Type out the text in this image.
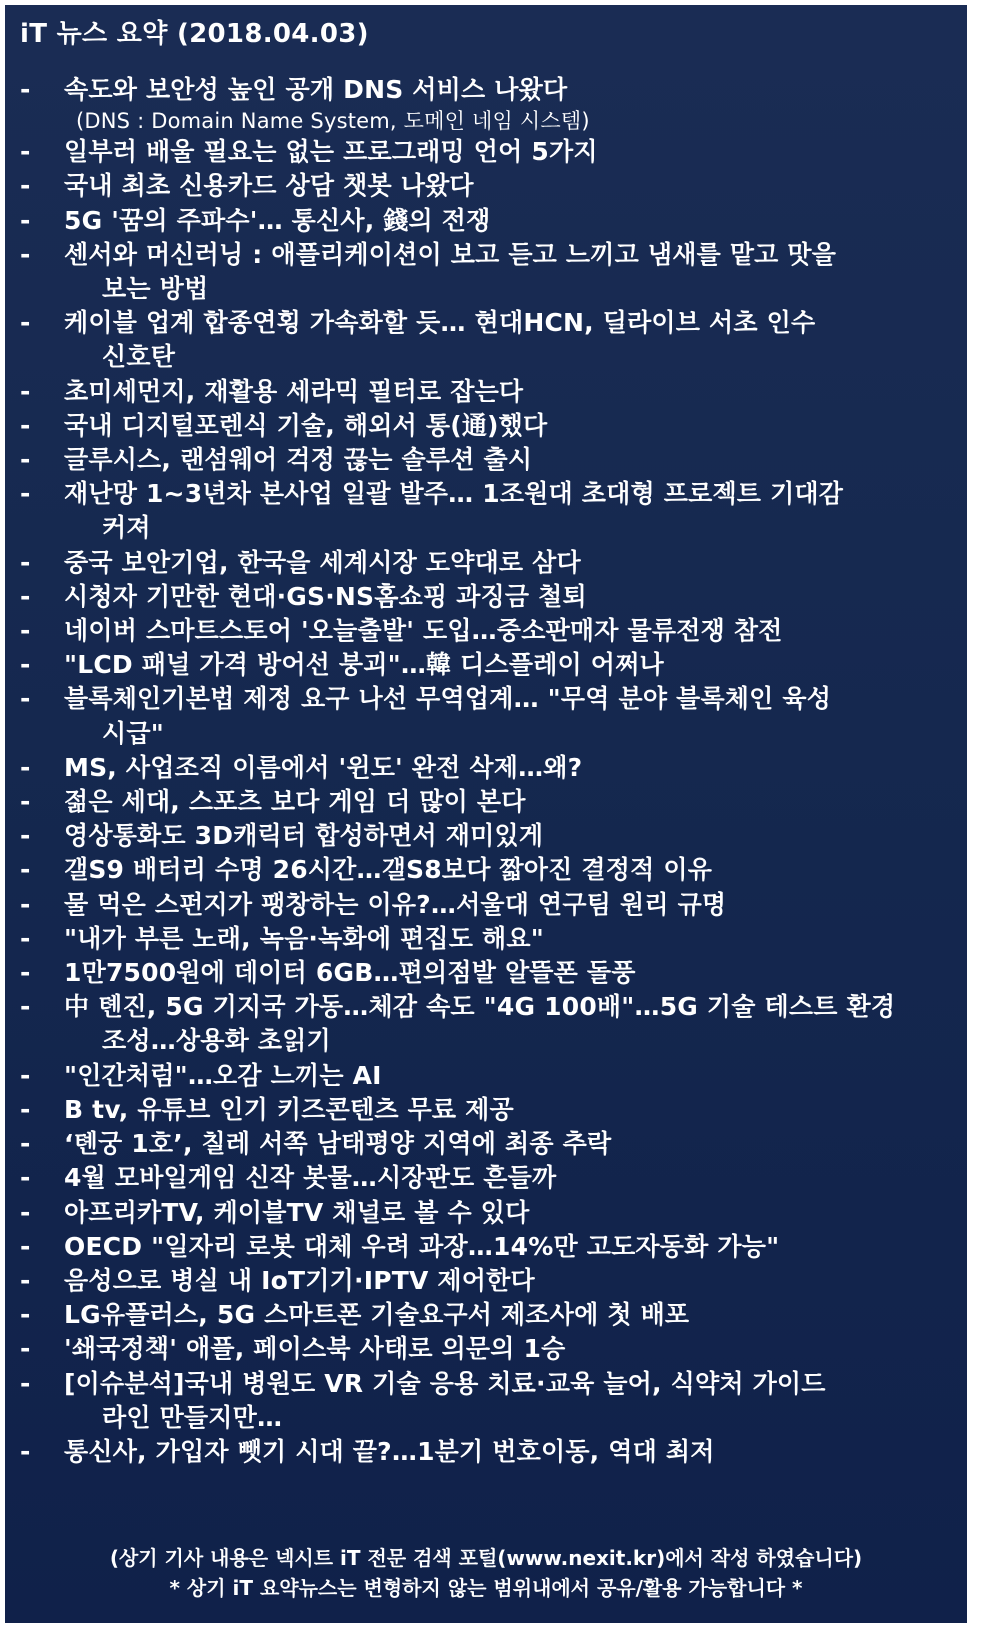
iT 뉴스 요약 (2018.04.03)
- 속도와 보안성 높인 공개 DNS 서비스 나왔다
(DNS : Domain Name System, 도메인 네임 시스템)
- 일부러 배울 필요는 없는 프로그래밍 언어 5가지
- 국내 최초 신용카드 상담 챗봇 나왔다
- 5G '꿈의 주파수'… 통신사, 錢의 전쟁
- 센서와 머신러닝 : 애플리케이션이 보고 듣고 느끼고 냄새를 맡고 맛을
보는 방법
- 케이블 업계 합종연횡 가속화할 듯… 현대HCN, 딜라이브 서초 인수
신호탄
- 초미세먼지, 재활용 세라믹 필터로 잡는다
- 국내 디지털포렌식 기술, 해외서 통(通)했다
- 글루시스, 랜섬웨어 걱정 끊는 솔루션 출시
- 재난망 1~3년차 본사업 일괄 발주… 1조원대 초대형 프로젝트 기대감
커져
- 중국 보안기업, 한국을 세계시장 도약대로 삼다
- 시청자 기만한 현대·GS·NS홈쇼핑 과징금 철퇴
- 네이버 스마트스토어 '오늘출발' 도입…중소판매자 물류전쟁 참전
- "LCD 패널 가격 방어선 붕괴"…韓 디스플레이 어쩌나
- 블록체인기본법 제정 요구 나선 무역업계… "무역 분야 블록체인 육성
시급"
- MS, 사업조직 이름에서 '윈도' 완전 삭제…왜?
- 젊은 세대, 스포츠 보다 게임 더 많이 본다
- 영상통화도 3D캐릭터 합성하면서 재미있게
- 갤S9 배터리 수명 26시간…갤S8보다 짧아진 결정적 이유
- 물 먹은 스펀지가 팽창하는 이유?…서울대 연구팀 원리 규명
- "내가 부른 노래, 녹음·녹화에 편집도 해요"
- 1만7500원에 데이터 6GB…편의점발 알뜰폰 돌풍
- 中 톈진, 5G 기지국 가동…체감 속도 "4G 100배"…5G 기술 테스트 환경
조성…상용화 초읽기
- "인간처럼"…오감 느끼는 AI
- B tv, 유튜브 인기 키즈콘텐츠 무료 제공
- ‘톈궁 1호’, 칠레 서쪽 남태평양 지역에 최종 추락
- 4월 모바일게임 신작 봇물…시장판도 흔들까
- 아프리카TV, 케이블TV 채널로 볼 수 있다
- OECD "일자리 로봇 대체 우려 과장…14%만 고도자동화 가능"
- 음성으로 병실 내 IoT기기·IPTV 제어한다
- LG유플러스, 5G 스마트폰 기술요구서 제조사에 첫 배포
- '쇄국정책' 애플, 페이스북 사태로 의문의 1승
- [이슈분석]국내 병원도 VR 기술 응용 치료·교육 늘어, 식약처 가이드
라인 만들지만…
- 통신사, 가입자 뺏기 시대 끝?…1분기 번호이동, 역대 최저
(상기 기사 내용은 넥시트 iT 전문 검색 포털(www.nexit.kr)에서 작성 하였습니다)
* 상기 iT 요약뉴스는 변형하지 않는 범위내에서 공유/활용 가능합니다 *
